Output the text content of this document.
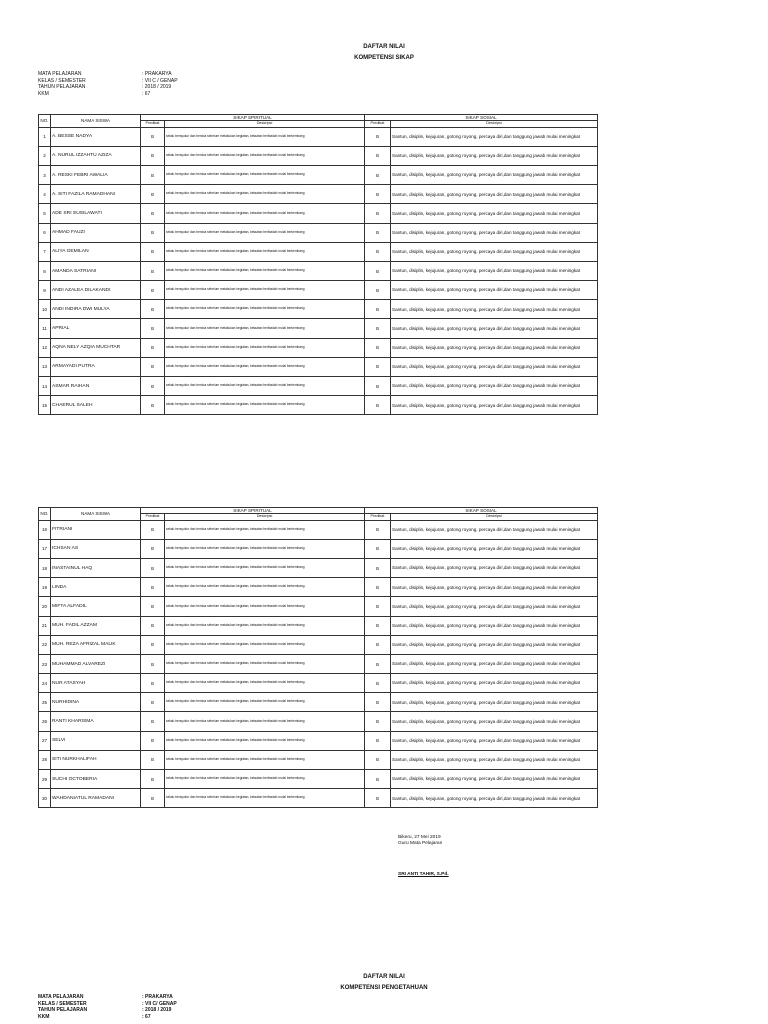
DAFTAR NILAI
KOMPETENSI SIKAP
MATA PELAJARAN	: PRAKARYA
KELAS / SEMESTER	: VII C / GENAP
TAHUN PELAJARAN	: 2018 / 2019
KKM	: 67
NO.	NAMA SISWA	SIKAP SPIRITUAL		SIKAP SOSIAL	
		Predikat	Deskripsi	Predikat	Deskripsi
1	A. BESSE NADYA	B	selalu bersyukur dan berdoa sebelum melakukan kegiatan, ketaatan beribadah mulai berkembang	B	Santun, disiplin, kejujuran, gotong royong, percaya diri,dan tanggung jawab mulai meningkat
2	A. NURUL IZZAHTU AZIZA	B	selalu bersyukur dan berdoa sebelum melakukan kegiatan, ketaatan beribadah mulai berkembang	B	Santun, disiplin, kejujuran, gotong royong, percaya diri,dan tanggung jawab mulai meningkat
3	A. RESKI FEBRI AWALIA	B	selalu bersyukur dan berdoa sebelum melakukan kegiatan, ketaatan beribadah mulai berkembang	B	Santun, disiplin, kejujuran, gotong royong, percaya diri,dan tanggung jawab mulai meningkat
4	A. SITI FAZILA RAMADHANI	B	selalu bersyukur dan berdoa sebelum melakukan kegiatan, ketaatan beribadah mulai berkembang	B	Santun, disiplin, kejujuran, gotong royong, percaya diri,dan tanggung jawab mulai meningkat
5	ADE SRI SUSILAWATI	B	selalu bersyukur dan berdoa sebelum melakukan kegiatan, ketaatan beribadah mulai berkembang	B	Santun, disiplin, kejujuran, gotong royong, percaya diri,dan tanggung jawab mulai meningkat
6	AHMAD FAUZI	B	selalu bersyukur dan berdoa sebelum melakukan kegiatan, ketaatan beribadah mulai berkembang	B	Santun, disiplin, kejujuran, gotong royong, percaya diri,dan tanggung jawab mulai meningkat
7	ALIYA GEMILAN	B	selalu bersyukur dan berdoa sebelum melakukan kegiatan, ketaatan beribadah mulai berkembang	B	Santun, disiplin, kejujuran, gotong royong, percaya diri,dan tanggung jawab mulai meningkat
8	AMANDA SATRIANI	B	selalu bersyukur dan berdoa sebelum melakukan kegiatan, ketaatan beribadah mulai berkembang	B	Santun, disiplin, kejujuran, gotong royong, percaya diri,dan tanggung jawab mulai meningkat
9	ANDI AZALEA DILAKANDI	B	selalu bersyukur dan berdoa sebelum melakukan kegiatan, ketaatan beribadah mulai berkembang	B	Santun, disiplin, kejujuran, gotong royong, percaya diri,dan tanggung jawab mulai meningkat
10	ANDI INDIRA DWI MULYA	B	selalu bersyukur dan berdoa sebelum melakukan kegiatan, ketaatan beribadah mulai berkembang	B	Santun, disiplin, kejujuran, gotong royong, percaya diri,dan tanggung jawab mulai meningkat
11	APRIAL	B	selalu bersyukur dan berdoa sebelum melakukan kegiatan, ketaatan beribadah mulai berkembang	B	Santun, disiplin, kejujuran, gotong royong, percaya diri,dan tanggung jawab mulai meningkat
12	AQNA NELY AZQIA MUCHTAR	B	selalu bersyukur dan berdoa sebelum melakukan kegiatan, ketaatan beribadah mulai berkembang	B	Santun, disiplin, kejujuran, gotong royong, percaya diri,dan tanggung jawab mulai meningkat
13	ARMAYADI PUTRA	B	selalu bersyukur dan berdoa sebelum melakukan kegiatan, ketaatan beribadah mulai berkembang	B	Santun, disiplin, kejujuran, gotong royong, percaya diri,dan tanggung jawab mulai meningkat
14	ASMAR RAIHAN	B	selalu bersyukur dan berdoa sebelum melakukan kegiatan, ketaatan beribadah mulai berkembang	B	Santun, disiplin, kejujuran, gotong royong, percaya diri,dan tanggung jawab mulai meningkat
15	CHAERUL SALEH	B	selalu bersyukur dan berdoa sebelum melakukan kegiatan, ketaatan beribadah mulai berkembang	B	Santun, disiplin, kejujuran, gotong royong, percaya diri,dan tanggung jawab mulai meningkat
NO.	NAMA SISWA	SIKAP SPIRITUAL		SIKAP SOSIAL	
		Predikat	Deskripsi	Predikat	Deskripsi
16	FITRIANI	B	selalu bersyukur dan berdoa sebelum melakukan kegiatan, ketaatan beribadah mulai berkembang	B	Santun, disiplin, kejujuran, gotong royong, percaya diri,dan tanggung jawab mulai meningkat
17	ICHSAN AS	B	selalu bersyukur dan berdoa sebelum melakukan kegiatan, ketaatan beribadah mulai berkembang	B	Santun, disiplin, kejujuran, gotong royong, percaya diri,dan tanggung jawab mulai meningkat
18	INASTAINUL HAQ	B	selalu bersyukur dan berdoa sebelum melakukan kegiatan, ketaatan beribadah mulai berkembang	B	Santun, disiplin, kejujuran, gotong royong, percaya diri,dan tanggung jawab mulai meningkat
19	LINDA	B	selalu bersyukur dan berdoa sebelum melakukan kegiatan, ketaatan beribadah mulai berkembang	B	Santun, disiplin, kejujuran, gotong royong, percaya diri,dan tanggung jawab mulai meningkat
20	MIFTA ALFADIL	B	selalu bersyukur dan berdoa sebelum melakukan kegiatan, ketaatan beribadah mulai berkembang	B	Santun, disiplin, kejujuran, gotong royong, percaya diri,dan tanggung jawab mulai meningkat
21	MUH. FADIL AZZAM	B	selalu bersyukur dan berdoa sebelum melakukan kegiatan, ketaatan beribadah mulai berkembang	B	Santun, disiplin, kejujuran, gotong royong, percaya diri,dan tanggung jawab mulai meningkat
22	MUH. REZA AFRIZAL MALIK	B	selalu bersyukur dan berdoa sebelum melakukan kegiatan, ketaatan beribadah mulai berkembang	B	Santun, disiplin, kejujuran, gotong royong, percaya diri,dan tanggung jawab mulai meningkat
23	MUHAMMAD ALVAREZI	B	selalu bersyukur dan berdoa sebelum melakukan kegiatan, ketaatan beribadah mulai berkembang	B	Santun, disiplin, kejujuran, gotong royong, percaya diri,dan tanggung jawab mulai meningkat
24	NUR ATASYAH	B	selalu bersyukur dan berdoa sebelum melakukan kegiatan, ketaatan beribadah mulai berkembang	B	Santun, disiplin, kejujuran, gotong royong, percaya diri,dan tanggung jawab mulai meningkat
25	NURHIDINA	B	selalu bersyukur dan berdoa sebelum melakukan kegiatan, ketaatan beribadah mulai berkembang	B	Santun, disiplin, kejujuran, gotong royong, percaya diri,dan tanggung jawab mulai meningkat
26	RANTI KHARISMA	B	selalu bersyukur dan berdoa sebelum melakukan kegiatan, ketaatan beribadah mulai berkembang	B	Santun, disiplin, kejujuran, gotong royong, percaya diri,dan tanggung jawab mulai meningkat
27	SELVI	B	selalu bersyukur dan berdoa sebelum melakukan kegiatan, ketaatan beribadah mulai berkembang	B	Santun, disiplin, kejujuran, gotong royong, percaya diri,dan tanggung jawab mulai meningkat
28	SITI NURKHALIFAH	B	selalu bersyukur dan berdoa sebelum melakukan kegiatan, ketaatan beribadah mulai berkembang	B	Santun, disiplin, kejujuran, gotong royong, percaya diri,dan tanggung jawab mulai meningkat
29	SUCHI OCTOBERIA	B	selalu bersyukur dan berdoa sebelum melakukan kegiatan, ketaatan beribadah mulai berkembang	B	Santun, disiplin, kejujuran, gotong royong, percaya diri,dan tanggung jawab mulai meningkat
30	WAHDANIATUL RAMADANI	B	selalu bersyukur dan berdoa sebelum melakukan kegiatan, ketaatan beribadah mulai berkembang	B	Santun, disiplin, kejujuran, gotong royong, percaya diri,dan tanggung jawab mulai meningkat
Bikeru, 27 Mei 2019
Guru Mata Pelajaran
SRI ANTI TAHIR, S.Pd.
DAFTAR NILAI
KOMPETENSI PENGETAHUAN
MATA PELAJARAN	: PRAKARYA
KELAS / SEMESTER	: VII C/ GENAP
TAHUN PELAJARAN	: 2018 / 2019
KKM	: 67
